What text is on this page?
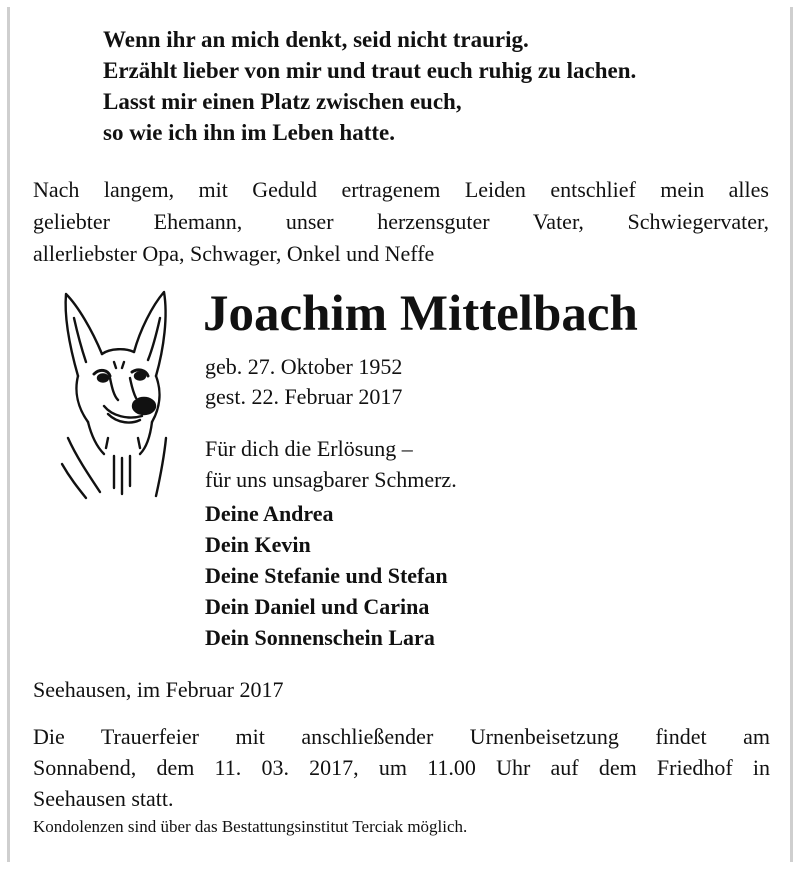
Wenn ihr an mich denkt, seid nicht traurig.
Erzählt lieber von mir und traut euch ruhig zu lachen.
Lasst mir einen Platz zwischen euch,
so wie ich ihn im Leben hatte.
Nach langem, mit Geduld ertragenem Leiden entschlief mein alles
geliebter Ehemann, unser herzensguter Vater, Schwiegervater,
allerliebster Opa, Schwager, Onkel und Neffe
Joachim Mittelbach
geb. 27. Oktober 1952
gest. 22. Februar 2017
Für dich die Erlösung –
für uns unsagbarer Schmerz.
Deine Andrea
Dein Kevin
Deine Stefanie und Stefan
Dein Daniel und Carina
Dein Sonnenschein Lara
Seehausen, im Februar 2017
Die Trauerfeier mit anschließender Urnenbeisetzung findet am
Sonnabend, dem 11. 03. 2017, um 11.00 Uhr auf dem Friedhof in
Seehausen statt.
Kondolenzen sind über das Bestattungsinstitut Terciak möglich.
